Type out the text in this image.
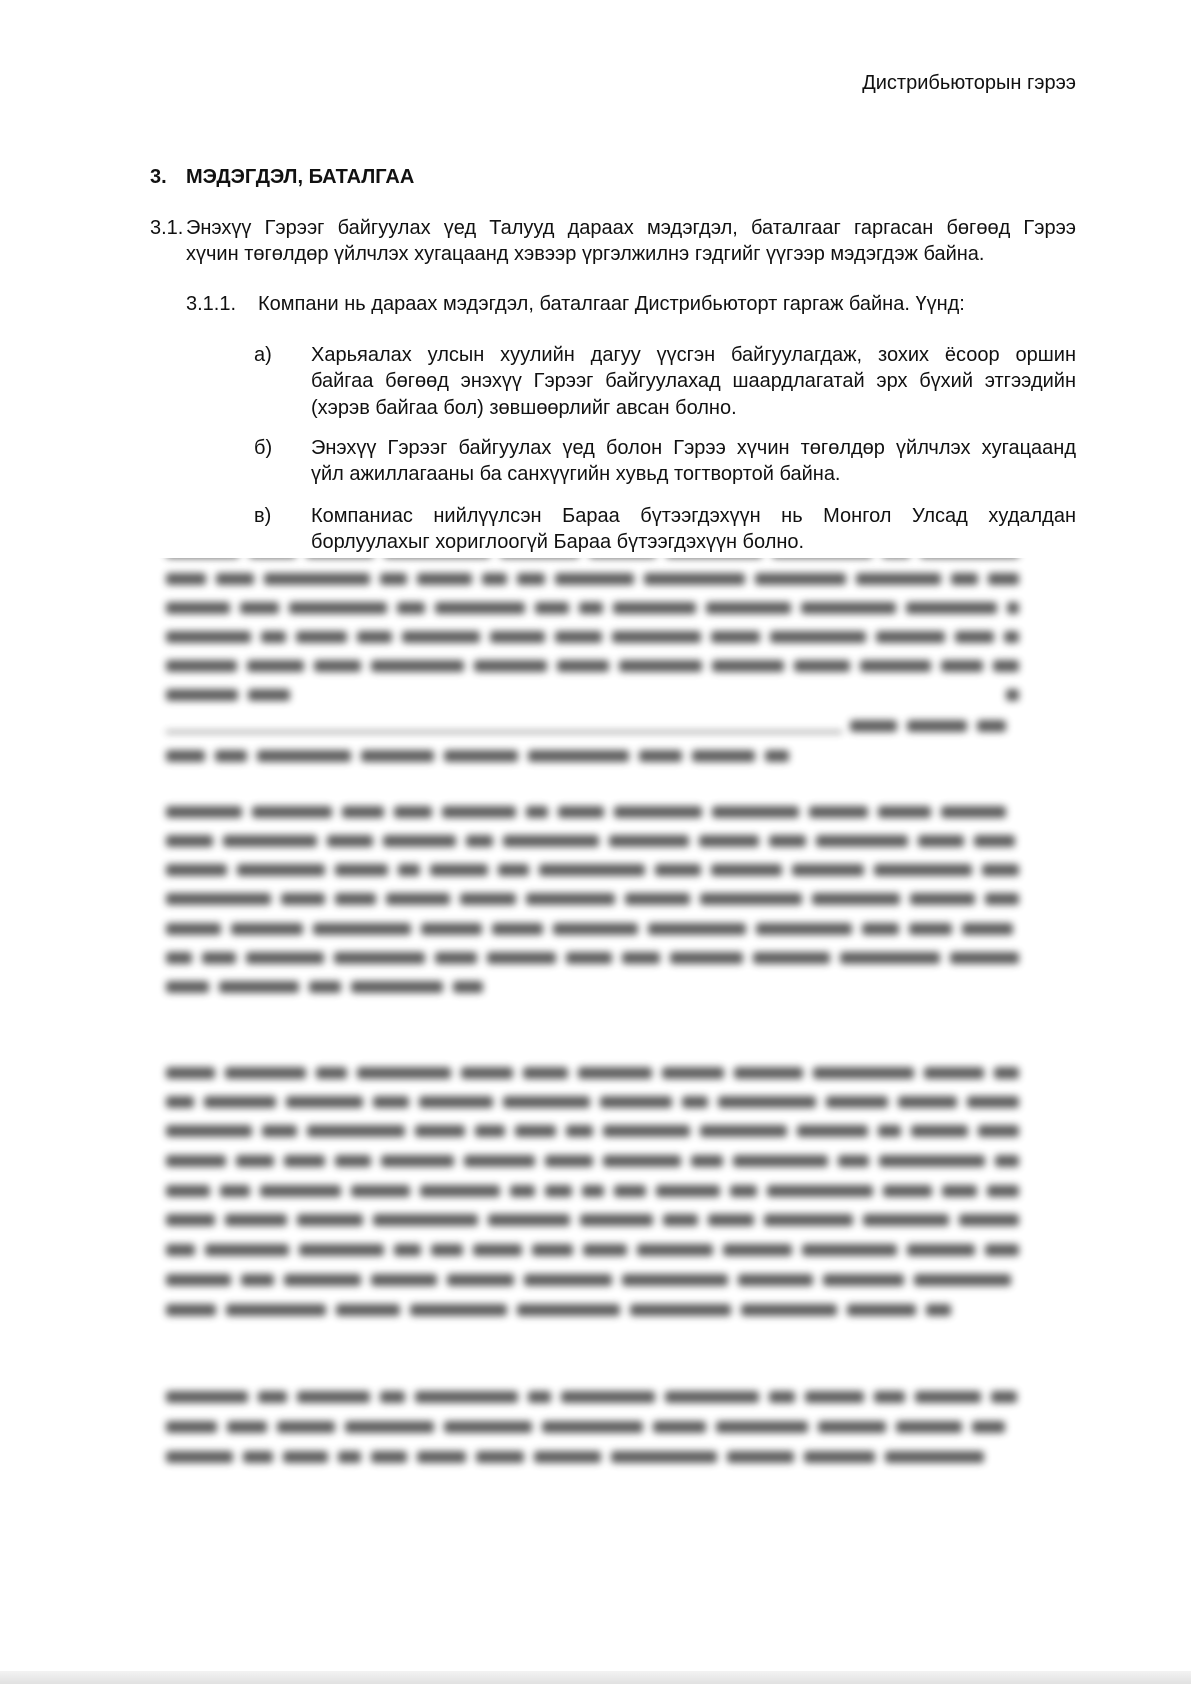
Дистрибьюторын гэрээ
3. МЭДЭГДЭЛ, БАТАЛГАА
3.1. Энэхүү Гэрээг байгуулах үед Талууд дараах мэдэгдэл, баталгааг гаргасан бөгөөд Гэрээ
хүчин төгөлдөр үйлчлэх хугацаанд хэвээр үргэлжилнэ гэдгийг үүгээр мэдэгдэж байна.
3.1.1. Компани нь дараах мэдэгдэл, баталгааг Дистрибьюторт гаргаж байна. Үүнд:
а) Харьяалах улсын хуулийн дагуу үүсгэн байгуулагдаж, зохих ёсоор оршин
байгаа бөгөөд энэхүү Гэрээг байгуулахад шаардлагатай эрх бүхий этгээдийн
(хэрэв байгаа бол) зөвшөөрлийг авсан болно.
б) Энэхүү Гэрээг байгуулах үед болон Гэрээ хүчин төгөлдөр үйлчлэх хугацаанд
үйл ажиллагааны ба санхүүгийн хувьд тогтвортой байна.
в) Компаниас нийлүүлсэн Бараа бүтээгдэхүүн нь Монгол Улсад худалдан
борлуулахыг хориглоогүй Бараа бүтээгдэхүүн болно.
